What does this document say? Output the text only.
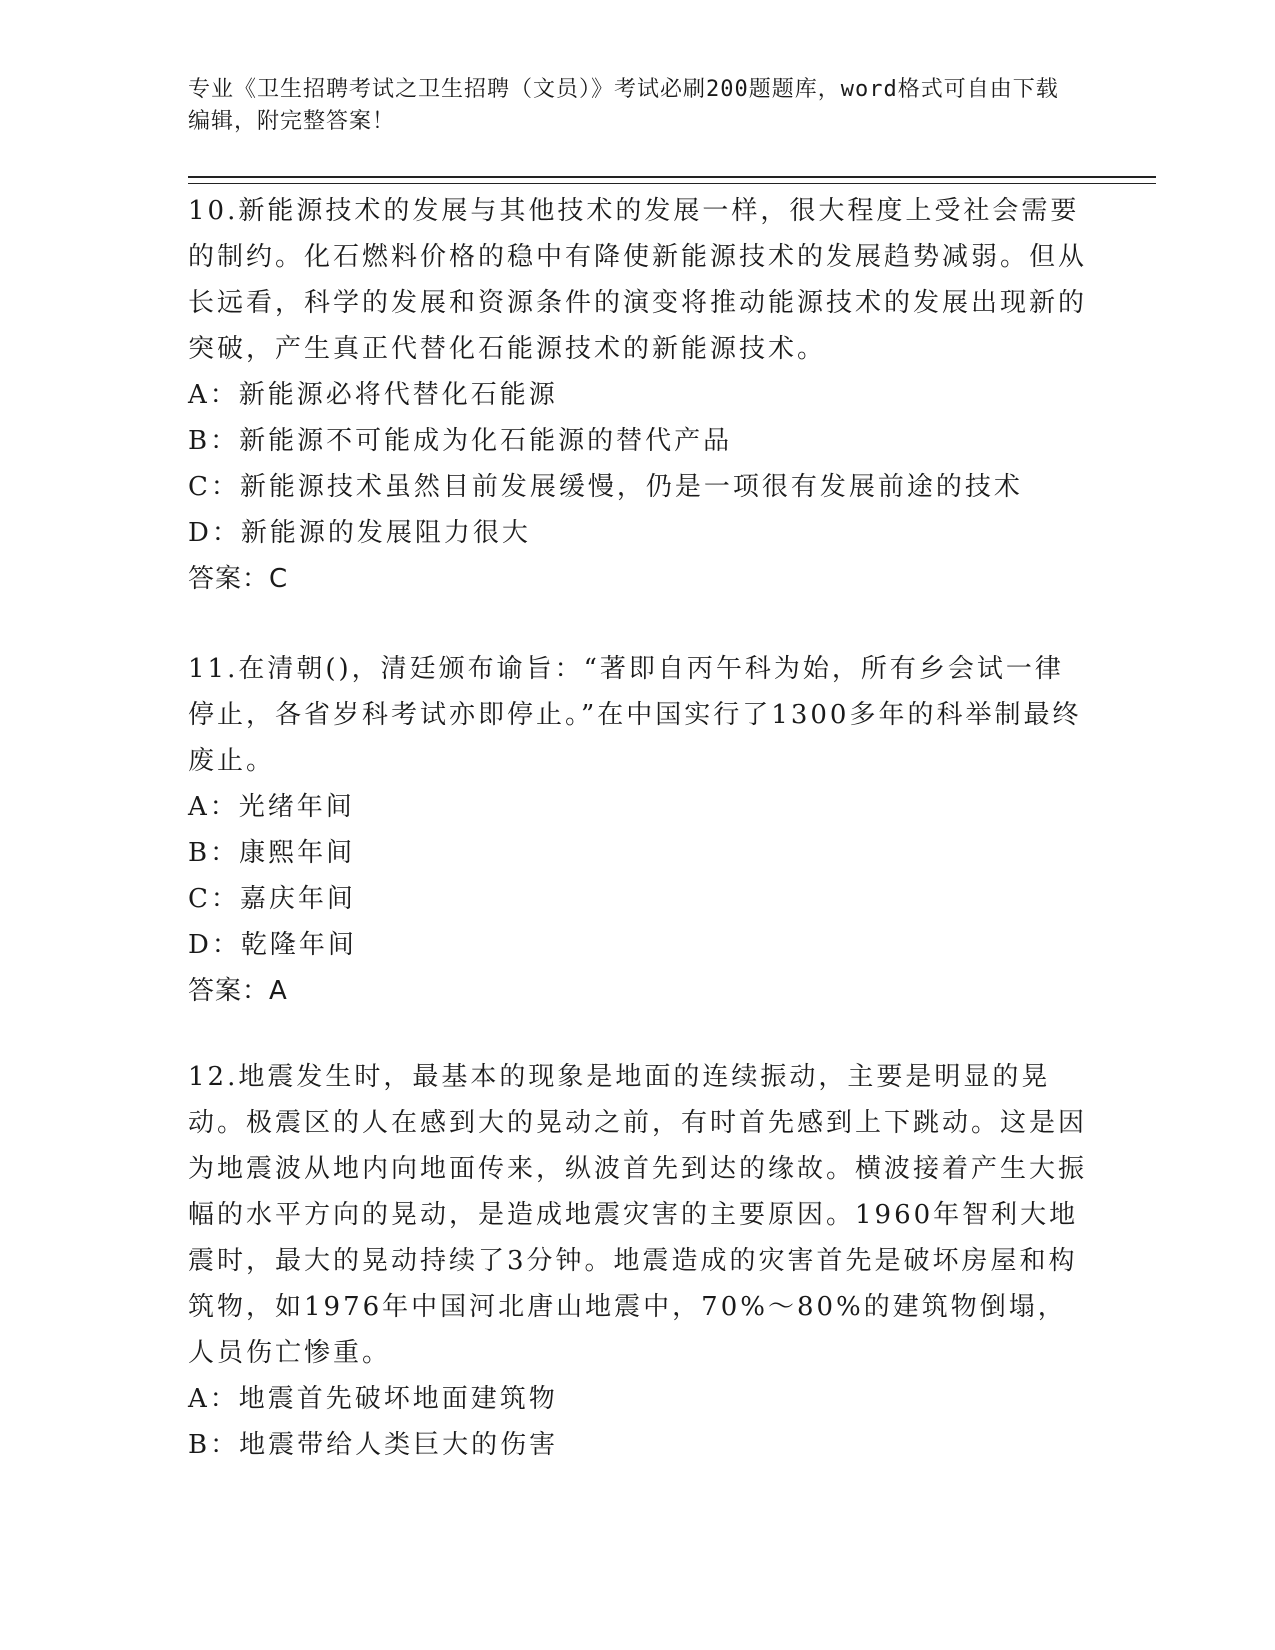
专业《卫生招聘考试之卫生招聘（文员）》考试必刷200题题库，word格式可自由下载编辑，附完整答案！

10.新能源技术的发展与其他技术的发展一样，很大程度上受社会需要的制约。化石燃料价格的稳中有降使新能源技术的发展趋势减弱。但从长远看，科学的发展和资源条件的演变将推动能源技术的发展出现新的突破，产生真正代替化石能源技术的新能源技术。

A：新能源必将代替化石能源

B：新能源不可能成为化石能源的替代产品

C：新能源技术虽然目前发展缓慢，仍是一项很有发展前途的技术

D：新能源的发展阻力很大

答案：C

11.在清朝()，清廷颁布谕旨：“著即自丙午科为始，所有乡会试一律停止，各省岁科考试亦即停止。”在中国实行了1300多年的科举制最终废止。

A：光绪年间

B：康熙年间

C：嘉庆年间

D：乾隆年间

答案：A

12.地震发生时，最基本的现象是地面的连续振动，主要是明显的晃动。极震区的人在感到大的晃动之前，有时首先感到上下跳动。这是因为地震波从地内向地面传来，纵波首先到达的缘故。横波接着产生大振幅的水平方向的晃动，是造成地震灾害的主要原因。1960年智利大地震时，最大的晃动持续了3分钟。地震造成的灾害首先是破坏房屋和构筑物，如1976年中国河北唐山地震中，70%～80%的建筑物倒塌，人员伤亡惨重。

A：地震首先破坏地面建筑物

B：地震带给人类巨大的伤害
